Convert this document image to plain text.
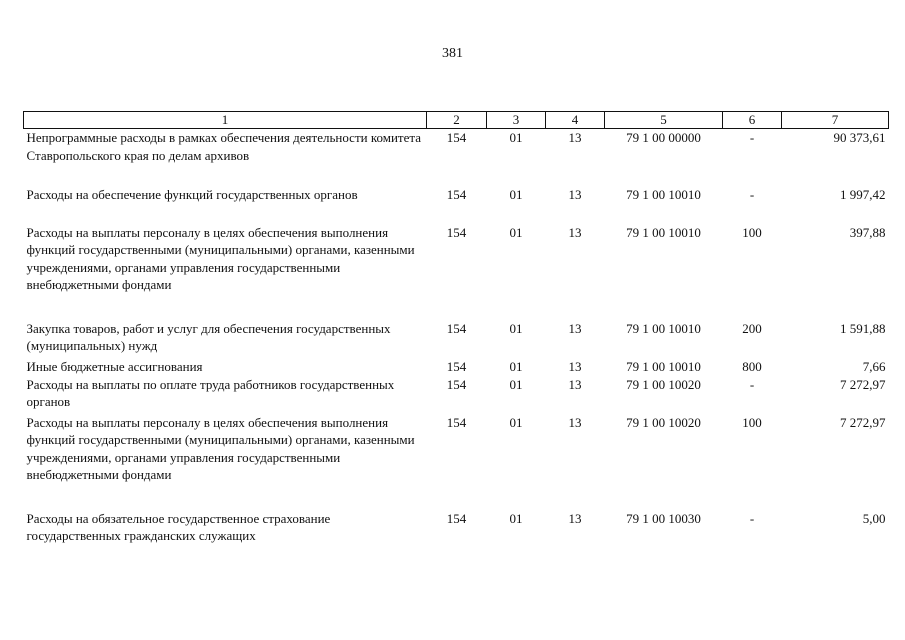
381
1	2	3	4	5	6	7
Непрограммные расходы в рамках обеспечения деятельности комитета Ставропольского края по делам архивов	154	01	13	79 1 00 00000	-	90 373,61
Расходы на обеспечение функций государственных органов	154	01	13	79 1 00 10010	-	1 997,42
Расходы на выплаты персоналу в целях обеспечения выполнения функций государственными (муниципальными) органами, казенными учреждениями, органами управления государственными внебюджетными фондами	154	01	13	79 1 00 10010	100	397,88
Закупка товаров, работ и услуг для обеспечения государственных (муниципальных) нужд	154	01	13	79 1 00 10010	200	1 591,88
Иные бюджетные ассигнования	154	01	13	79 1 00 10010	800	7,66
Расходы на выплаты по оплате труда работников государственных органов	154	01	13	79 1 00 10020	-	7 272,97
Расходы на выплаты персоналу в целях обеспечения выполнения функций государственными (муниципальными) органами, казенными учреждениями, органами управления государственными внебюджетными фондами	154	01	13	79 1 00 10020	100	7 272,97
Расходы на обязательное государственное страхование государственных гражданских служащих	154	01	13	79 1 00 10030	-	5,00
